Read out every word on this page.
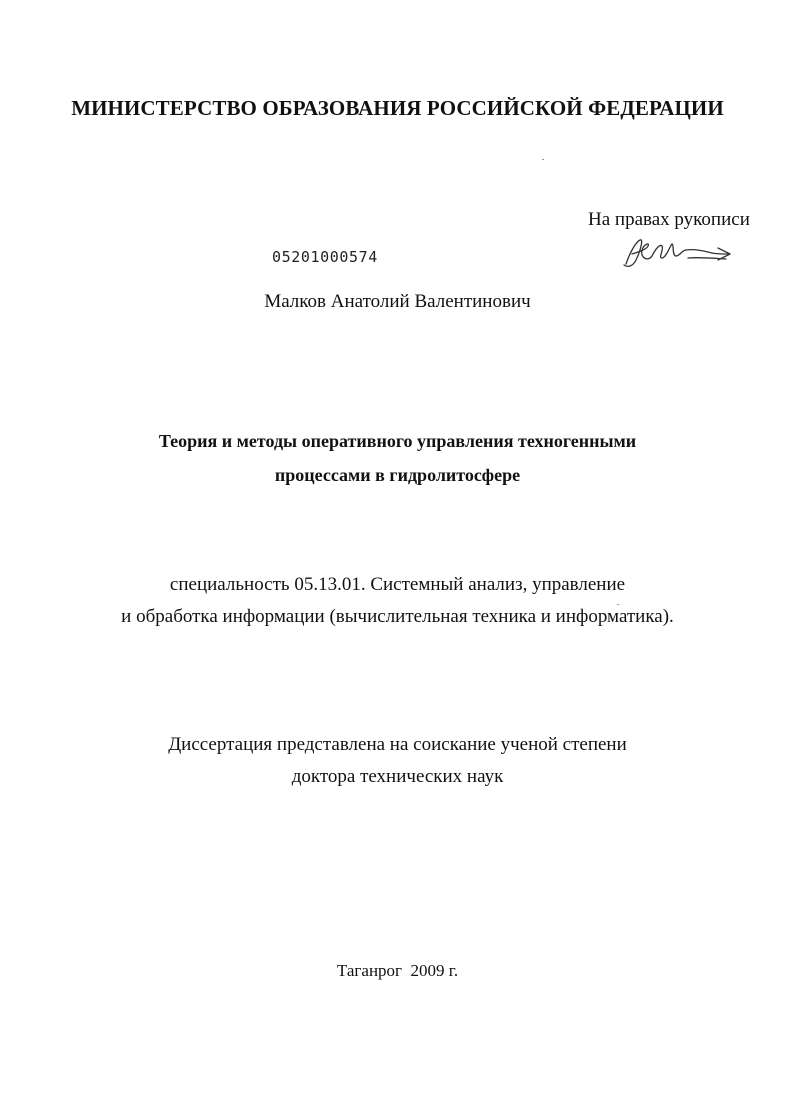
МИНИСТЕРСТВО ОБРАЗОВАНИЯ РОССИЙСКОЙ ФЕДЕРАЦИИ
На правах рукописи
05201000574
Малков Анатолий Валентинович
Теория и методы оперативного управления техногенными
процессами в гидролитосфере
специальность 05.13.01. Системный анализ, управление
и обработка информации (вычислительная техника и информатика).
Диссертация представлена на соискание ученой степени
доктора технических наук
Таганрог  2009 г.
